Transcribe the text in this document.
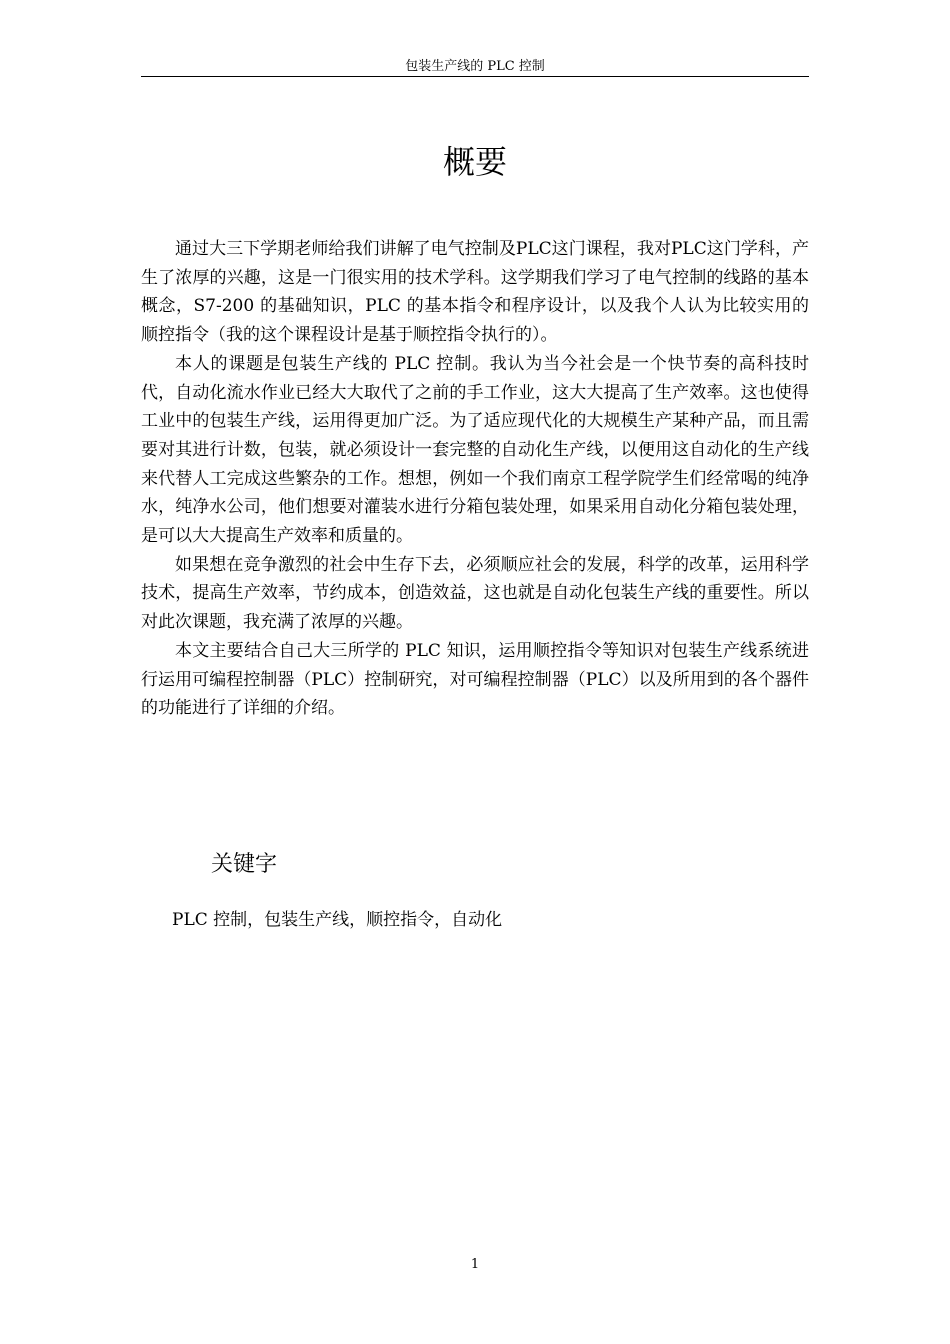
包装生产线的 PLC 控制
概要

通过大三下学期老师给我们讲解了电气控制及PLC这门课程，我对PLC这门学科，产生了浓厚的兴趣，这是一门很实用的技术学科。这学期我们学习了电气控制的线路的基本概念，S7-200 的基础知识，PLC 的基本指令和程序设计，以及我个人认为比较实用的顺控指令（我的这个课程设计是基于顺控指令执行的）。

本人的课题是包装生产线的 PLC 控制。我认为当今社会是一个快节奏的高科技时代，自动化流水作业已经大大取代了之前的手工作业，这大大提高了生产效率。这也使得工业中的包装生产线，运用得更加广泛。为了适应现代化的大规模生产某种产品，而且需要对其进行计数，包装，就必须设计一套完整的自动化生产线，以便用这自动化的生产线来代替人工完成这些繁杂的工作。想想，例如一个我们南京工程学院学生们经常喝的纯净水，纯净水公司，他们想要对灌装水进行分箱包装处理，如果采用自动化分箱包装处理，是可以大大提高生产效率和质量的。

如果想在竞争激烈的社会中生存下去，必须顺应社会的发展，科学的改革，运用科学技术，提高生产效率，节约成本，创造效益，这也就是自动化包装生产线的重要性。所以对此次课题，我充满了浓厚的兴趣。

本文主要结合自己大三所学的 PLC 知识，运用顺控指令等知识对包装生产线系统进行运用可编程控制器（PLC）控制研究，对可编程控制器（PLC）以及所用到的各个器件的功能进行了详细的介绍。

关键字
PLC 控制，包装生产线，顺控指令，自动化
1
